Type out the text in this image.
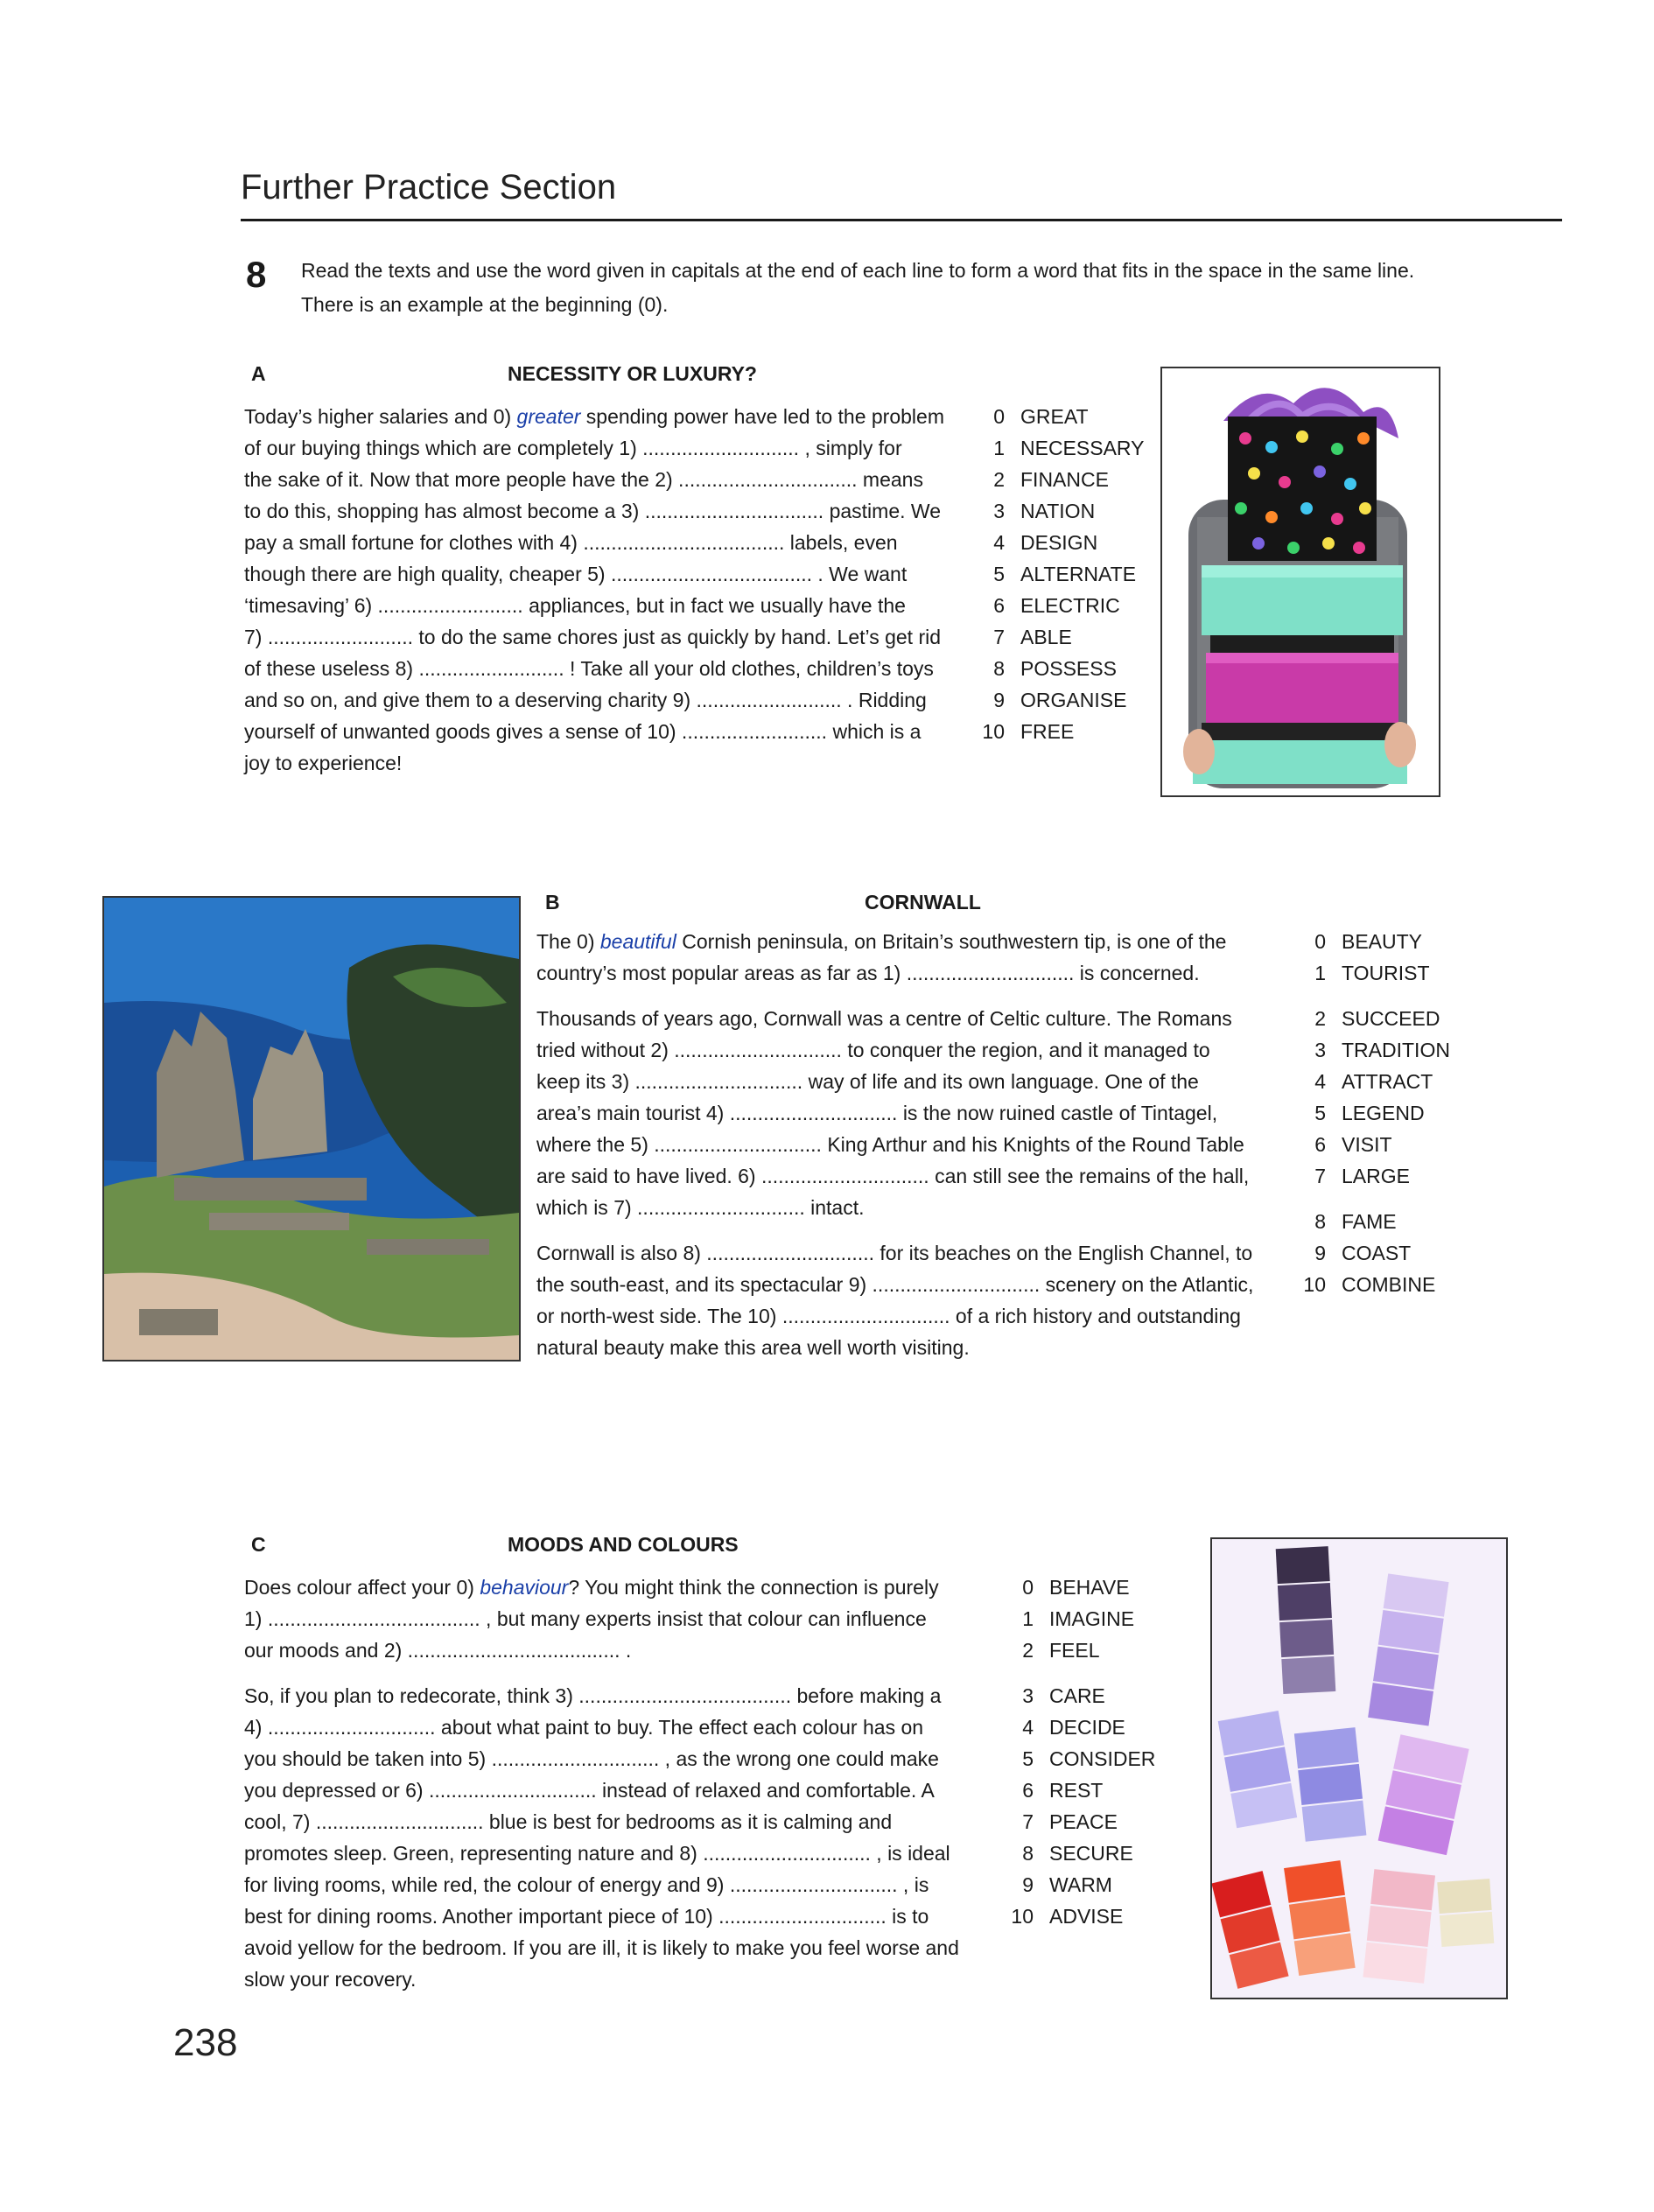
Further Practice Section
8 Read the texts and use the word given in capitals at the end of each line to form a word that fits in the space in the same line. There is an example at the beginning (0).
A	NECESSITY OR LUXURY?
Today’s higher salaries and 0) greater spending power have led to the problem
of our buying things which are completely 1) ............................ , simply for
the sake of it. Now that more people have the 2) ................................ means
to do this, shopping has almost become a 3) ................................ pastime. We
pay a small fortune for clothes with 4) .................................... labels, even
though there are high quality, cheaper 5) .................................... . We want
‘timesaving’ 6) .......................... appliances, but in fact we usually have the
7) .......................... to do the same chores just as quickly by hand. Let’s get rid
of these useless 8) .......................... ! Take all your old clothes, children’s toys
and so on, and give them to a deserving charity 9) .......................... . Ridding
yourself of unwanted goods gives a sense of 10) .......................... which is a
joy to experience!
0 GREAT
1 NECESSARY
2 FINANCE
3 NATION
4 DESIGN
5 ALTERNATE
6 ELECTRIC
7 ABLE
8 POSSESS
9 ORGANISE
10 FREE
B	CORNWALL
The 0) beautiful Cornish peninsula, on Britain’s southwestern tip, is one of the
country’s most popular areas as far as 1) .............................. is concerned.
Thousands of years ago, Cornwall was a centre of Celtic culture. The Romans
tried without 2) .............................. to conquer the region, and it managed to
keep its 3) .............................. way of life and its own language. One of the
area’s main tourist 4) .............................. is the now ruined castle of Tintagel,
where the 5) .............................. King Arthur and his Knights of the Round Table
are said to have lived. 6) .............................. can still see the remains of the hall,
which is 7) .............................. intact.
Cornwall is also 8) .............................. for its beaches on the English Channel, to
the south-east, and its spectacular 9) .............................. scenery on the Atlantic,
or north-west side. The 10) .............................. of a rich history and outstanding
natural beauty make this area well worth visiting.
0 BEAUTY
1 TOURIST
2 SUCCEED
3 TRADITION
4 ATTRACT
5 LEGEND
6 VISIT
7 LARGE
8 FAME
9 COAST
10 COMBINE
C	MOODS AND COLOURS
Does colour affect your 0) behaviour? You might think the connection is purely
1) ...................................... , but many experts insist that colour can influence
our moods and 2) ...................................... .
So, if you plan to redecorate, think 3) ...................................... before making a
4) .............................. about what paint to buy. The effect each colour has on
you should be taken into 5) .............................. , as the wrong one could make
you depressed or 6) .............................. instead of relaxed and comfortable. A
cool, 7) .............................. blue is best for bedrooms as it is calming and
promotes sleep. Green, representing nature and 8) .............................. , is ideal
for living rooms, while red, the colour of energy and 9) .............................. , is
best for dining rooms. Another important piece of 10) .............................. is to
avoid yellow for the bedroom. If you are ill, it is likely to make you feel worse and
slow your recovery.
0 BEHAVE
1 IMAGINE
2 FEEL
3 CARE
4 DECIDE
5 CONSIDER
6 REST
7 PEACE
8 SECURE
9 WARM
10 ADVISE
238
